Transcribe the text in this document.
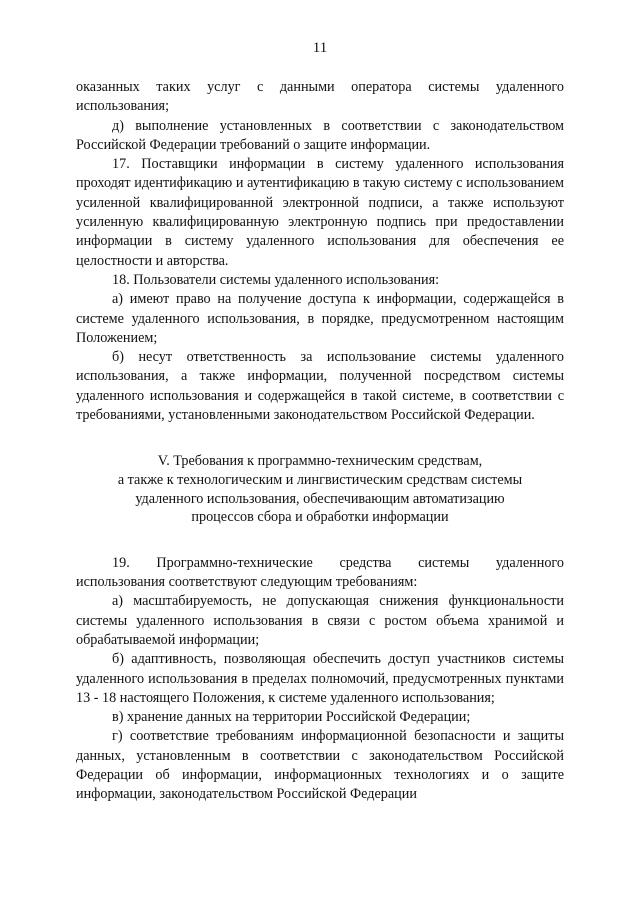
11

оказанных таких услуг с данными оператора системы удаленного использования;

д) выполнение установленных в соответствии с законодательством Российской Федерации требований о защите информации.

17. Поставщики информации в систему удаленного использования проходят идентификацию и аутентификацию в такую систему с использованием усиленной квалифицированной электронной подписи, а также используют усиленную квалифицированную электронную подпись при предоставлении информации в систему удаленного использования для обеспечения ее целостности и авторства.

18. Пользователи системы удаленного использования:

а) имеют право на получение доступа к информации, содержащейся в системе удаленного использования, в порядке, предусмотренном настоящим Положением;

б) несут ответственность за использование системы удаленного использования, а также информации, полученной посредством системы удаленного использования и содержащейся в такой системе, в соответствии с требованиями, установленными законодательством Российской Федерации.

V. Требования к программно-техническим средствам,
а также к технологическим и лингвистическим средствам системы
удаленного использования, обеспечивающим автоматизацию
процессов сбора и обработки информации

19. Программно-технические средства системы удаленного использования соответствуют следующим требованиям:

а) масштабируемость, не допускающая снижения функциональности системы удаленного использования в связи с ростом объема хранимой и обрабатываемой информации;

б) адаптивность, позволяющая обеспечить доступ участников системы удаленного использования в пределах полномочий, предусмотренных пунктами 13 - 18 настоящего Положения, к системе удаленного использования;

в) хранение данных на территории Российской Федерации;

г) соответствие требованиям информационной безопасности и защиты данных, установленным в соответствии с законодательством Российской Федерации об информации, информационных технологиях и о защите информации, законодательством Российской Федерации
